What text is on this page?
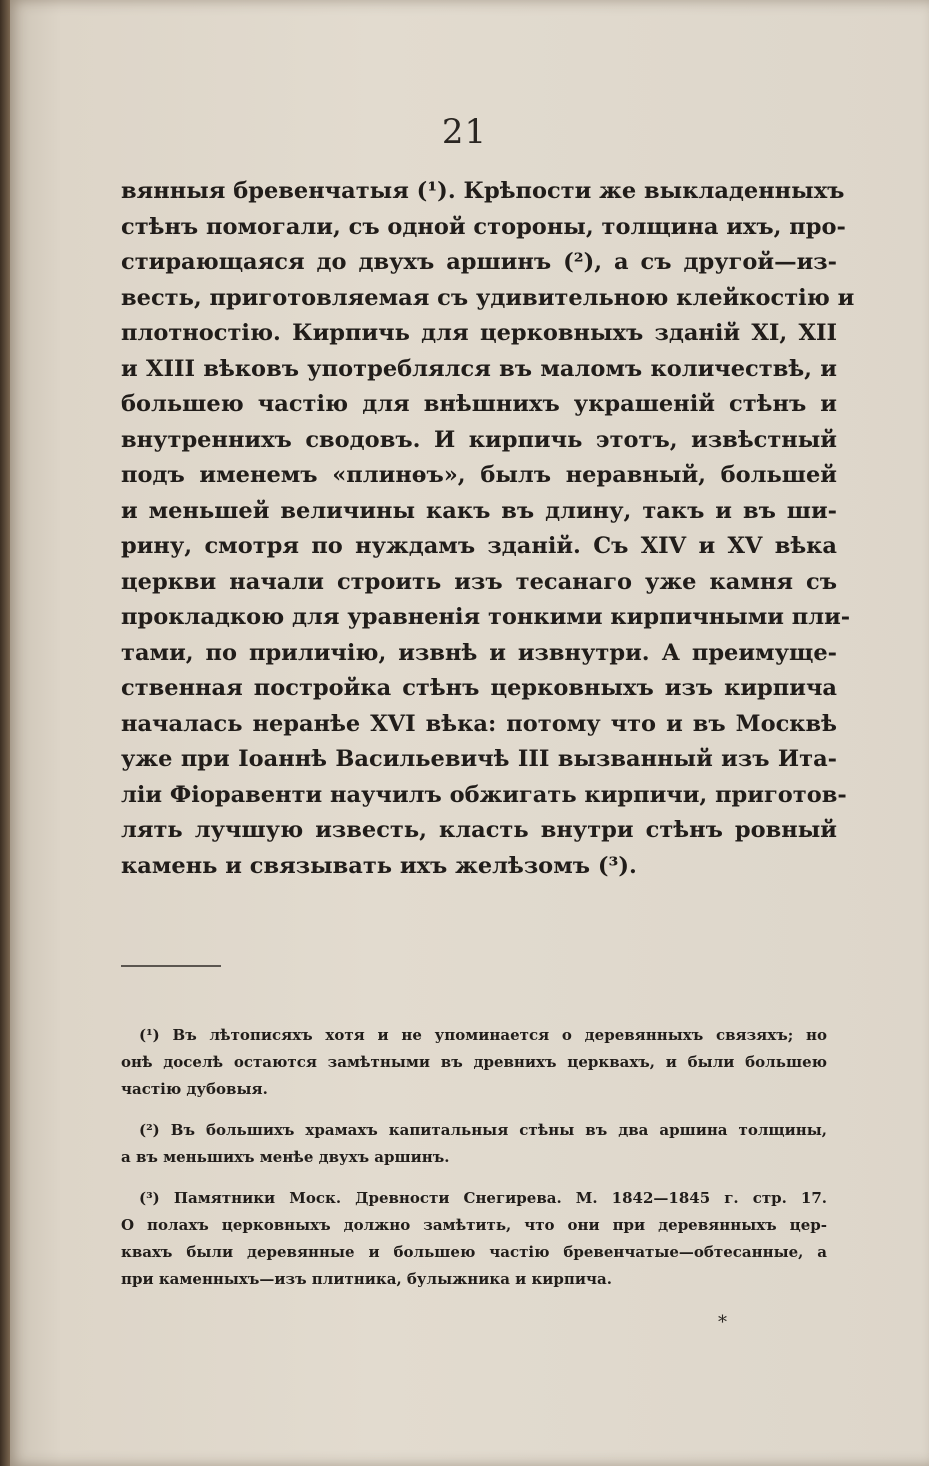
21
вянныя бревенчатыя (¹). Крѣпости же выкладенныхъ
стѣнъ помогали, съ одной стороны, толщина ихъ, про-
стирающаяся до двухъ аршинъ (²), а съ другой—из-
весть, приготовляемая съ удивительною клейкостію и
плотностію. Кирпичь для церковныхъ зданій XI, XII
и XIII вѣковъ употреблялся въ маломъ количествѣ, и
большею частію для внѣшнихъ украшеній стѣнъ и
внутреннихъ сводовъ. И кирпичь этотъ, извѣстный
подъ именемъ «плинѳъ», былъ неравный, большей
и меньшей величины какъ въ длину, такъ и въ ши-
рину, смотря по нуждамъ зданій. Съ XIV и XV вѣка
церкви начали строить изъ тесанаго уже камня съ
прокладкою для уравненія тонкими кирпичными пли-
тами, по приличію, извнѣ и извнутри. А преимуще-
ственная постройка стѣнъ церковныхъ изъ кирпича
началась неранѣе XVI вѣка: потому что и въ Москвѣ
уже при Іоаннѣ Васильевичѣ III вызванный изъ Ита-
ліи Фіоравенти научилъ обжигать кирпичи, приготов-
лять лучшую известь, класть внутри стѣнъ ровный
камень и связывать ихъ желѣзомъ (³).
(¹) Въ лѣтописяхъ хотя и не упоминается о деревянныхъ связяхъ; но
онѣ доселѣ остаются замѣтными въ древнихъ церквахъ, и были большею
частію дубовыя.
(²) Въ большихъ храмахъ капитальныя стѣны въ два аршина толщины,
а въ меньшихъ менѣе двухъ аршинъ.
(³) Памятники Моск. Древности Снегирева. М. 1842—1845 г. стр. 17.
О полахъ церковныхъ должно замѣтить, что они при деревянныхъ цер-
квахъ были деревянные и большею частію бревенчатые—обтесанные, а
при каменныхъ—изъ плитника, булыжника и кирпича.
*
